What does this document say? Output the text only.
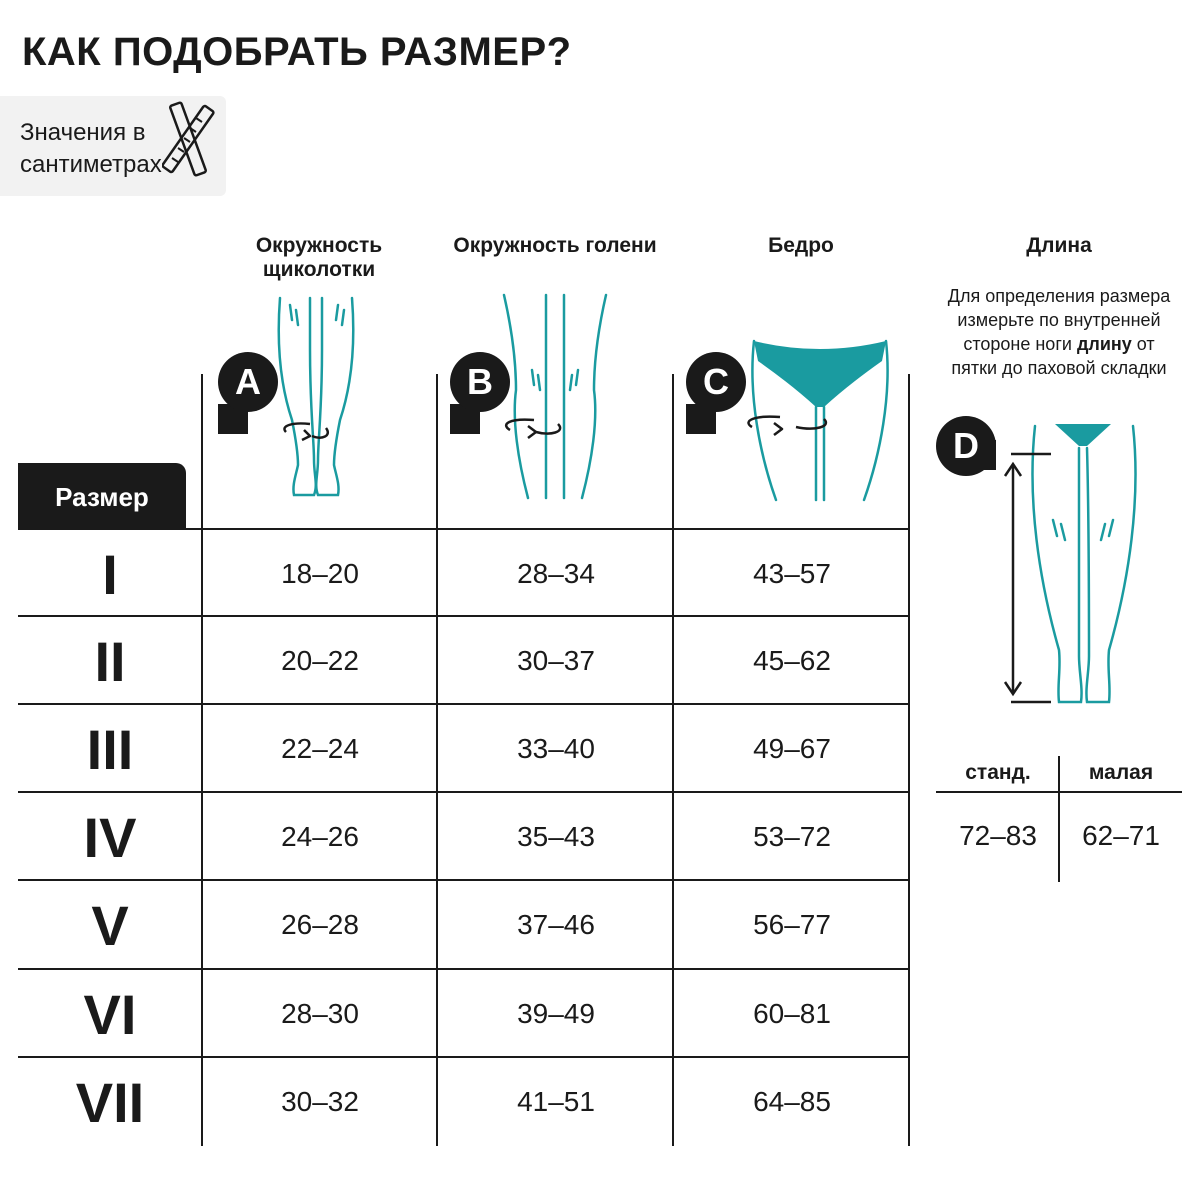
КАК ПОДОБРАТЬ РАЗМЕР?
Значения в сантиметрах
Окружность щиколотки
Окружность голени	Бедро	Длина
A	B	C
D
Для определения размера измерьте по внутренней стороне ноги длину от пятки до паховой складки
Размер
I	18–20	28–34	43–57
II	20–22	30–37	45–62
III	22–24	33–40	49–67
IV	24–26	35–43	53–72
V	26–28	37–46	56–77
VI	28–30	39–49	60–81
VII	30–32	41–51	64–85
станд.	малая
72–83	62–71
